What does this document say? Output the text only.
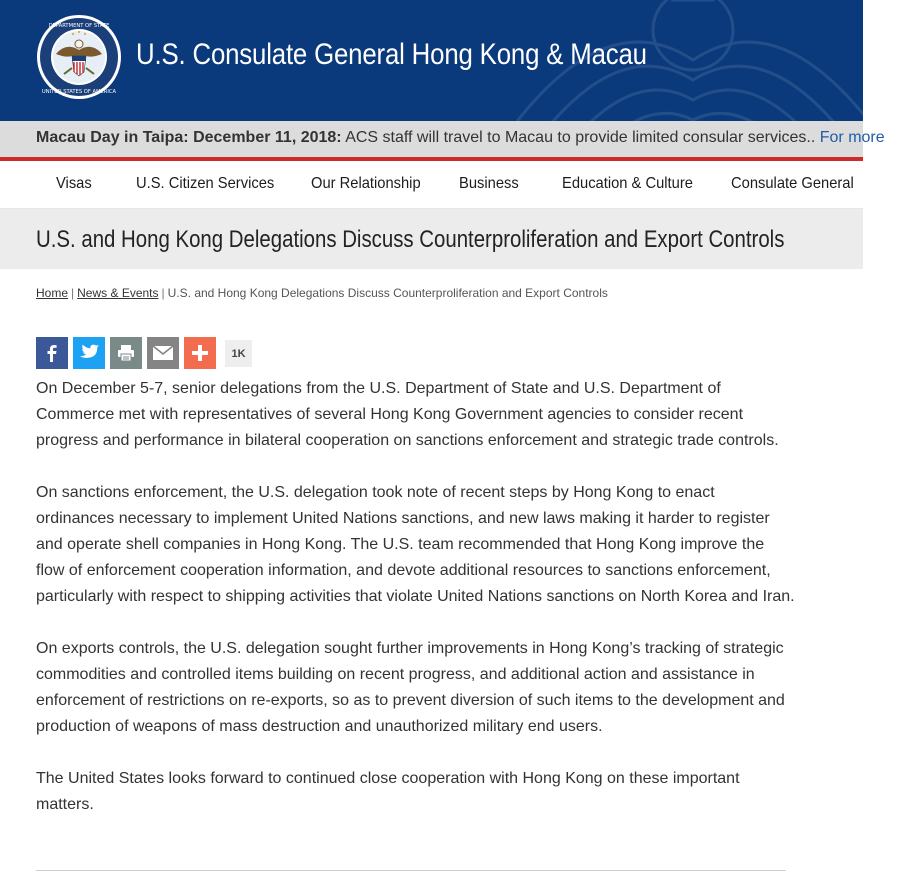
DEPARTMENT OF STATE
UNITED STATES OF AMERICA
U.S. Consulate General Hong Kong & Macau
Macau Day in Taipa: December 11, 2018: ACS staff will travel to Macau to provide limited consular services.. For more
Visas	U.S. Citizen Services Our Relationship Business	Education & Culture Consulate General
U.S. and Hong Kong Delegations Discuss Counterproliferation and Export Controls
Home | News & Events | U.S. and Hong Kong Delegations Discuss Counterproliferation and Export Controls
1K

On December 5-7, senior delegations from the U.S. Department of State and U.S. Department of Commerce met with representatives of several Hong Kong Government agencies to consider recent progress and performance in bilateral cooperation on sanctions enforcement and strategic trade controls.

On sanctions enforcement, the U.S. delegation took note of recent steps by Hong Kong to enact ordinances necessary to implement United Nations sanctions, and new laws making it harder to register and operate shell companies in Hong Kong. The U.S. team recommended that Hong Kong improve the flow of enforcement cooperation information, and devote additional resources to sanctions enforcement, particularly with respect to shipping activities that violate United Nations sanctions on North Korea and Iran.

On exports controls, the U.S. delegation sought further improvements in Hong Kong’s tracking of strategic commodities and controlled items building on recent progress, and additional action and assistance in enforcement of restrictions on re-exports, so as to prevent diversion of such items to the development and production of weapons of mass destruction and unauthorized military end users.

The United States looks forward to continued close cooperation with Hong Kong on these important matters.
